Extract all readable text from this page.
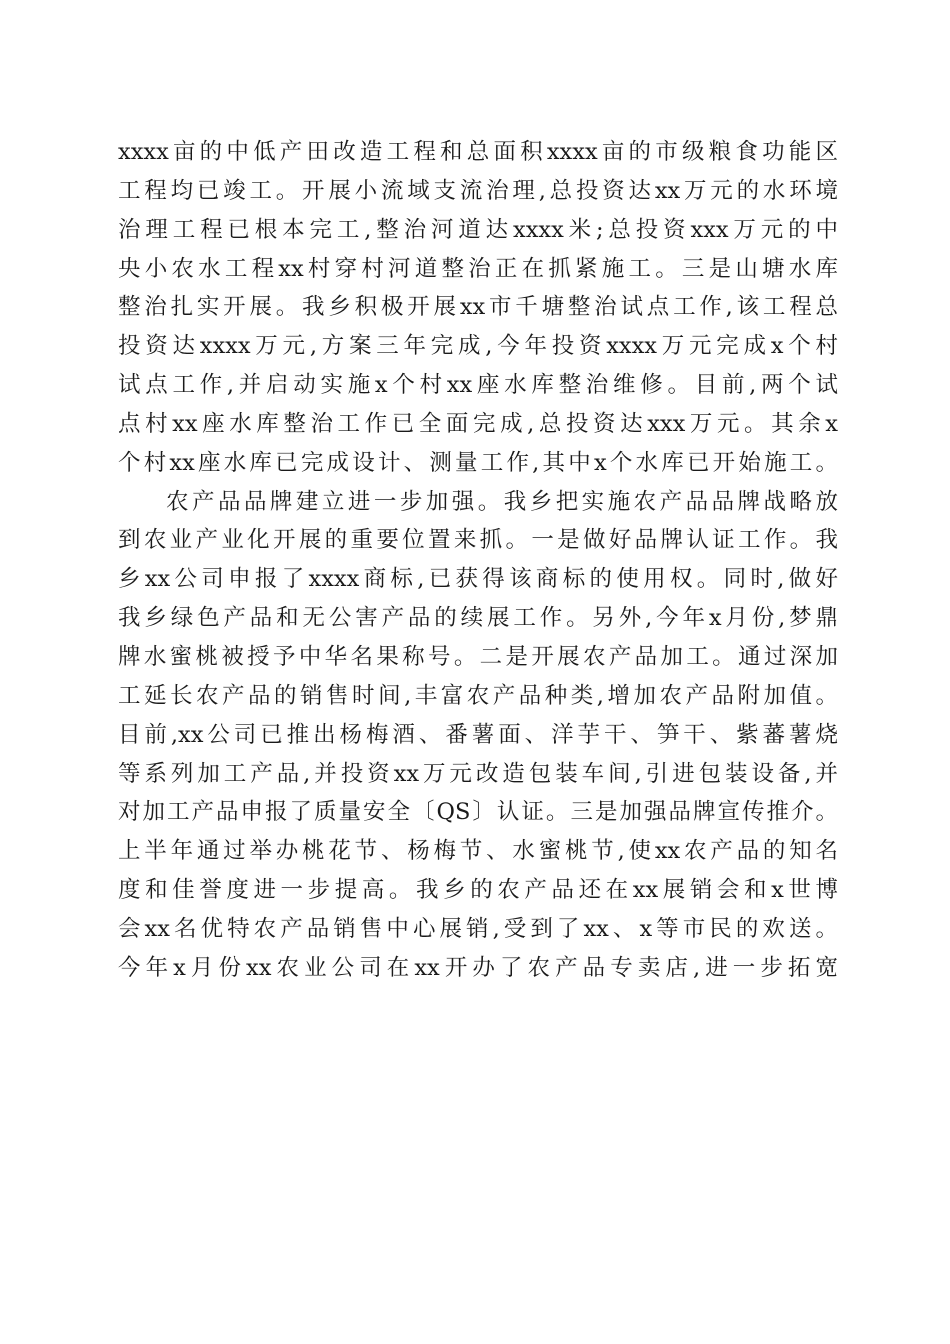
xxxx亩的中低产田改造工程和总面积xxxx亩的市级粮食功能区
工程均已竣工。开展小流域支流治理,总投资达xx万元的水环境
治理工程已根本完工,整治河道达xxxx米;总投资xxx万元的中
央小农水工程xx村穿村河道整治正在抓紧施工。三是山塘水库
整治扎实开展。我乡积极开展xx市千塘整治试点工作,该工程总
投资达xxxx万元,方案三年完成,今年投资xxxx万元完成x个村
试点工作,并启动实施x个村xx座水库整治维修。目前,两个试
点村xx座水库整治工作已全面完成,总投资达xxx万元。其余x
个村xx座水库已完成设计、测量工作,其中x个水库已开始施工。
农产品品牌建立进一步加强。我乡把实施农产品品牌战略放
到农业产业化开展的重要位置来抓。一是做好品牌认证工作。我
乡xx公司申报了xxxx商标,已获得该商标的使用权。同时,做好
我乡绿色产品和无公害产品的续展工作。另外,今年x月份,梦鼎
牌水蜜桃被授予中华名果称号。二是开展农产品加工。通过深加
工延长农产品的销售时间,丰富农产品种类,增加农产品附加值。
目前,xx公司已推出杨梅酒、番薯面、洋芋干、笋干、紫蕃薯烧
等系列加工产品,并投资xx万元改造包装车间,引进包装设备,并
对加工产品申报了质量安全〔QS〕认证。三是加强品牌宣传推介。
上半年通过举办桃花节、杨梅节、水蜜桃节,使xx农产品的知名
度和佳誉度进一步提高。我乡的农产品还在xx展销会和x世博
会xx名优特农产品销售中心展销,受到了xx、x等市民的欢送。
今年x月份xx农业公司在xx开办了农产品专卖店,进一步拓宽
